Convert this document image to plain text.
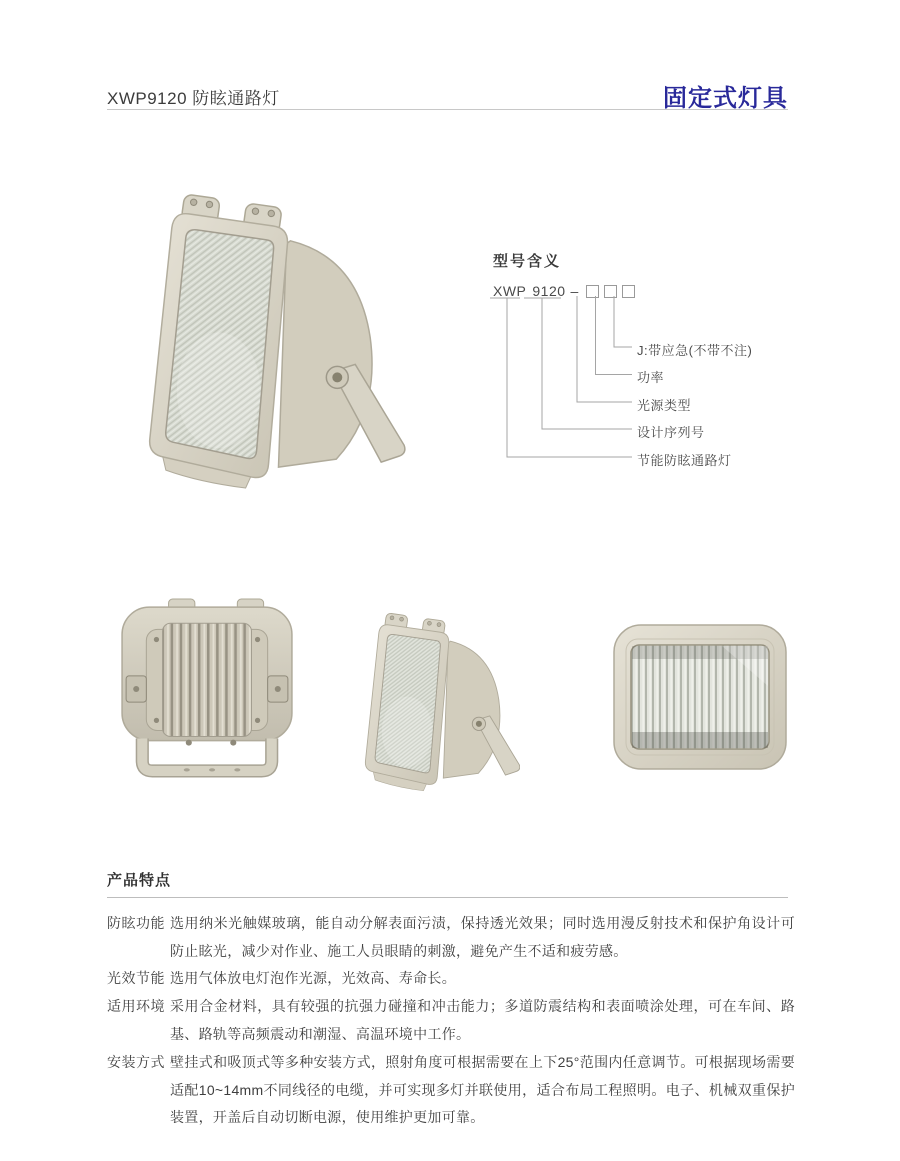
XWP9120 防眩通路灯	固定式灯具
型号含义
XWP 9120 –
J:带应急(不带不注)
功率
光源类型
设计序列号
节能防眩通路灯
产品特点
防眩功能 选用纳米光触媒玻璃，能自动分解表面污渍，保持透光效果；同时选用漫反射技术和保护角设计可防止眩光，减少对作业、施工人员眼睛的刺激，避免产生不适和疲劳感。
光效节能 选用气体放电灯泡作光源，光效高、寿命长。
适用环境 采用合金材料，具有较强的抗强力碰撞和冲击能力；多道防震结构和表面喷涂处理，可在车间、路基、路轨等高频震动和潮湿、高温环境中工作。
安装方式 壁挂式和吸顶式等多种安装方式，照射角度可根据需要在上下25°范围内任意调节。可根据现场需要适配10~14mm不同线径的电缆，并可实现多灯并联使用，适合布局工程照明。电子、机械双重保护装置，开盖后自动切断电源，使用维护更加可靠。
